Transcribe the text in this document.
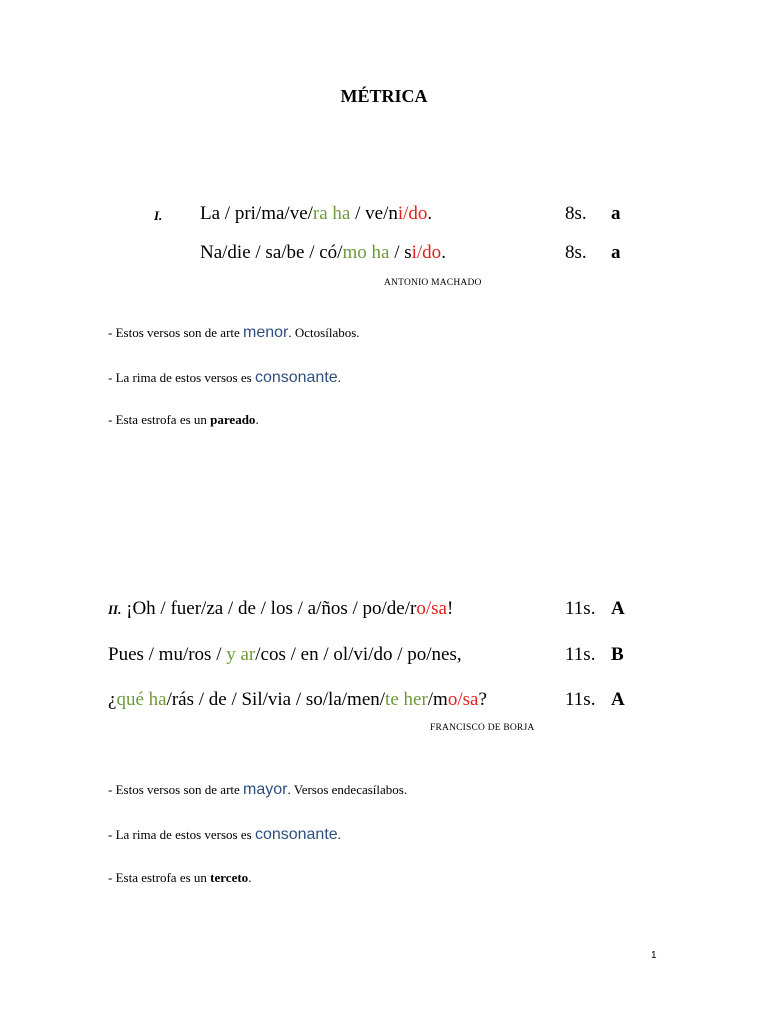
MÉTRICA
I. La / pri/ma/ve/ra ha / ve/ni/do.	8s. a
Na/die / sa/be / có/mo ha / si/do.	8s. a
ANTONIO MACHADO
- Estos versos son de arte menor. Octosílabos.
- La rima de estos versos es consonante.
- Esta estrofa es un pareado.
II. ¡Oh / fuer/za / de / los / a/ños / po/de/ro/sa!	11s. A
Pues / mu/ros / y ar/cos / en / ol/vi/do / po/nes,	11s. B
¿qué ha/rás / de / Sil/via / so/la/men/te her/mo/sa?	11s. A
FRANCISCO DE BORJA
- Estos versos son de arte mayor. Versos endecasílabos.
- La rima de estos versos es consonante.
- Esta estrofa es un terceto.
1
